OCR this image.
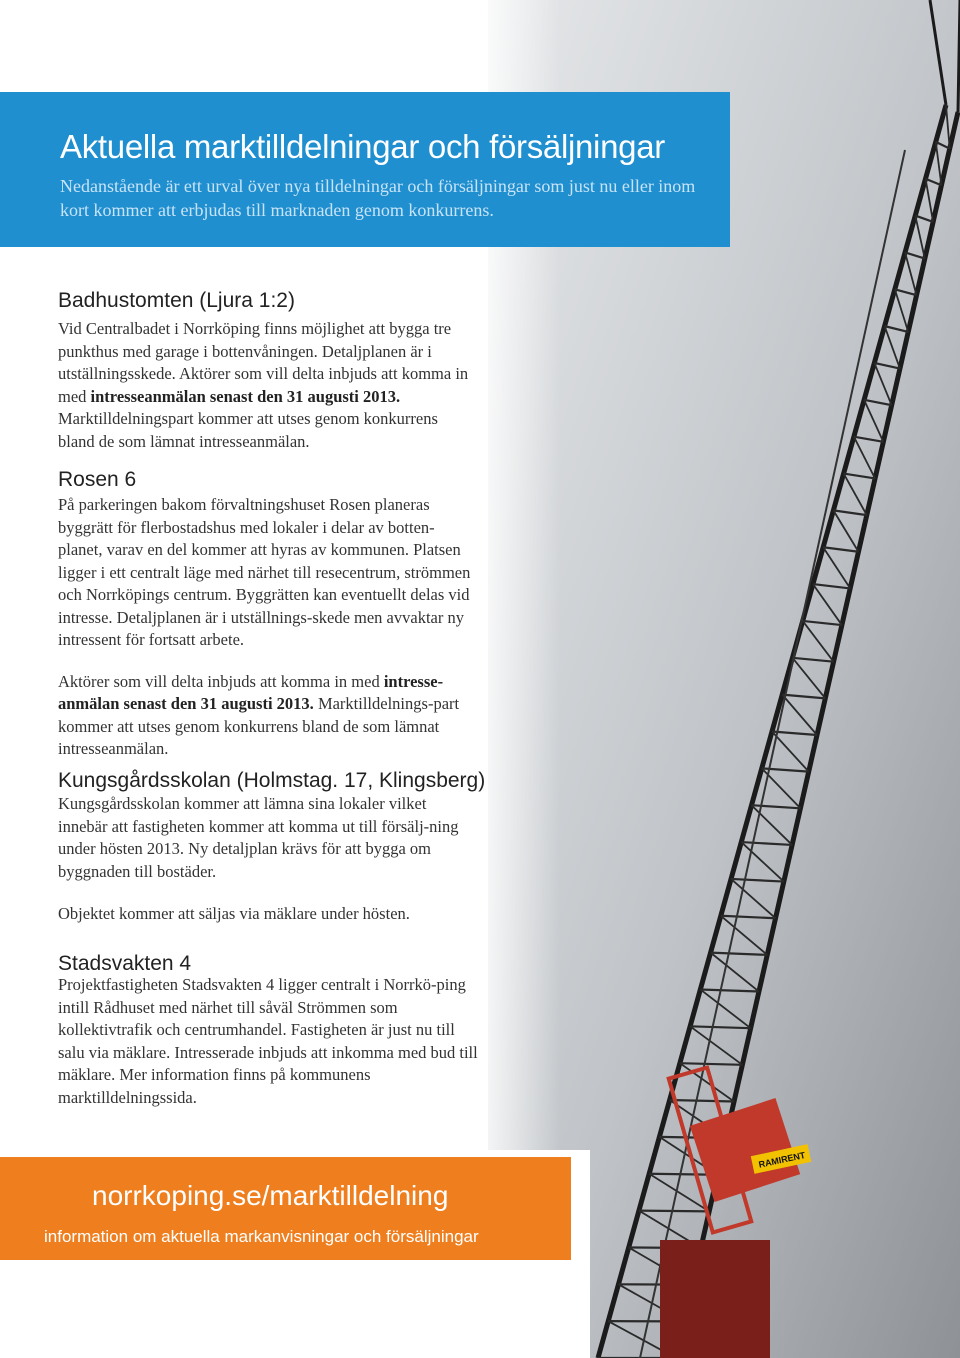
RAMIRENT
Aktuella marktilldelningar och försäljningar
Nedanstående är ett urval över nya tilldelningar och försäljningar som just nu eller inom kort kommer att erbjudas till marknaden genom konkurrens.
Badhustomten (Ljura 1:2)

Vid Centralbadet i Norrköping finns möjlighet att bygga tre punkthus med garage i bottenvåningen. Detaljplanen är i utställningsskede. Aktörer som vill delta inbjuds att komma in med intresseanmälan senast den 31 augusti 2013. Marktilldelningspart kommer att utses genom konkurrens bland de som lämnat intresseanmälan.

Rosen 6

På parkeringen bakom förvaltningshuset Rosen planeras byggrätt för flerbostadshus med lokaler i delar av botten -planet, varav en del kommer att hyras av kommunen. Platsen ligger i ett centralt läge med närhet till resecentrum, strömmen och Norrköpings centrum. Byggrätten kan eventuellt delas vid intresse. Detaljplanen är i utställnings - skede men avvaktar ny intressent för fortsatt arbete.

Aktörer som vill delta inbjuds att komma in med intresse -anmälan senast den 31 augusti 2013. Marktilldelnings - part kommer att utses genom konkurrens bland de som lämnat intresseanmälan.

Kungsgårdsskolan (Holmstag. 17, Klingsberg)

Kungsgårdsskolan kommer att lämna sina lokaler vilket innebär att fastigheten kommer att komma ut till försälj - ning under hösten 2013. Ny detaljplan krävs för att bygga om byggnaden till bostäder.

Objektet kommer att säljas via mäklare under hösten.

Stadsvakten 4

Projektfastigheten Stadsvakten 4 ligger centralt i Norrkö - ping intill Rådhuset med närhet till såväl Strömmen som kollektivtrafik och centrumhandel. Fastigheten är just nu till salu via mäklare. Intresserade inbjuds att inkomma med bud till mäklare. Mer information finns på kommunens marktilldelningssida.

norrkoping.se/marktilldelning
information om aktuella markanvisningar och försäljningar
